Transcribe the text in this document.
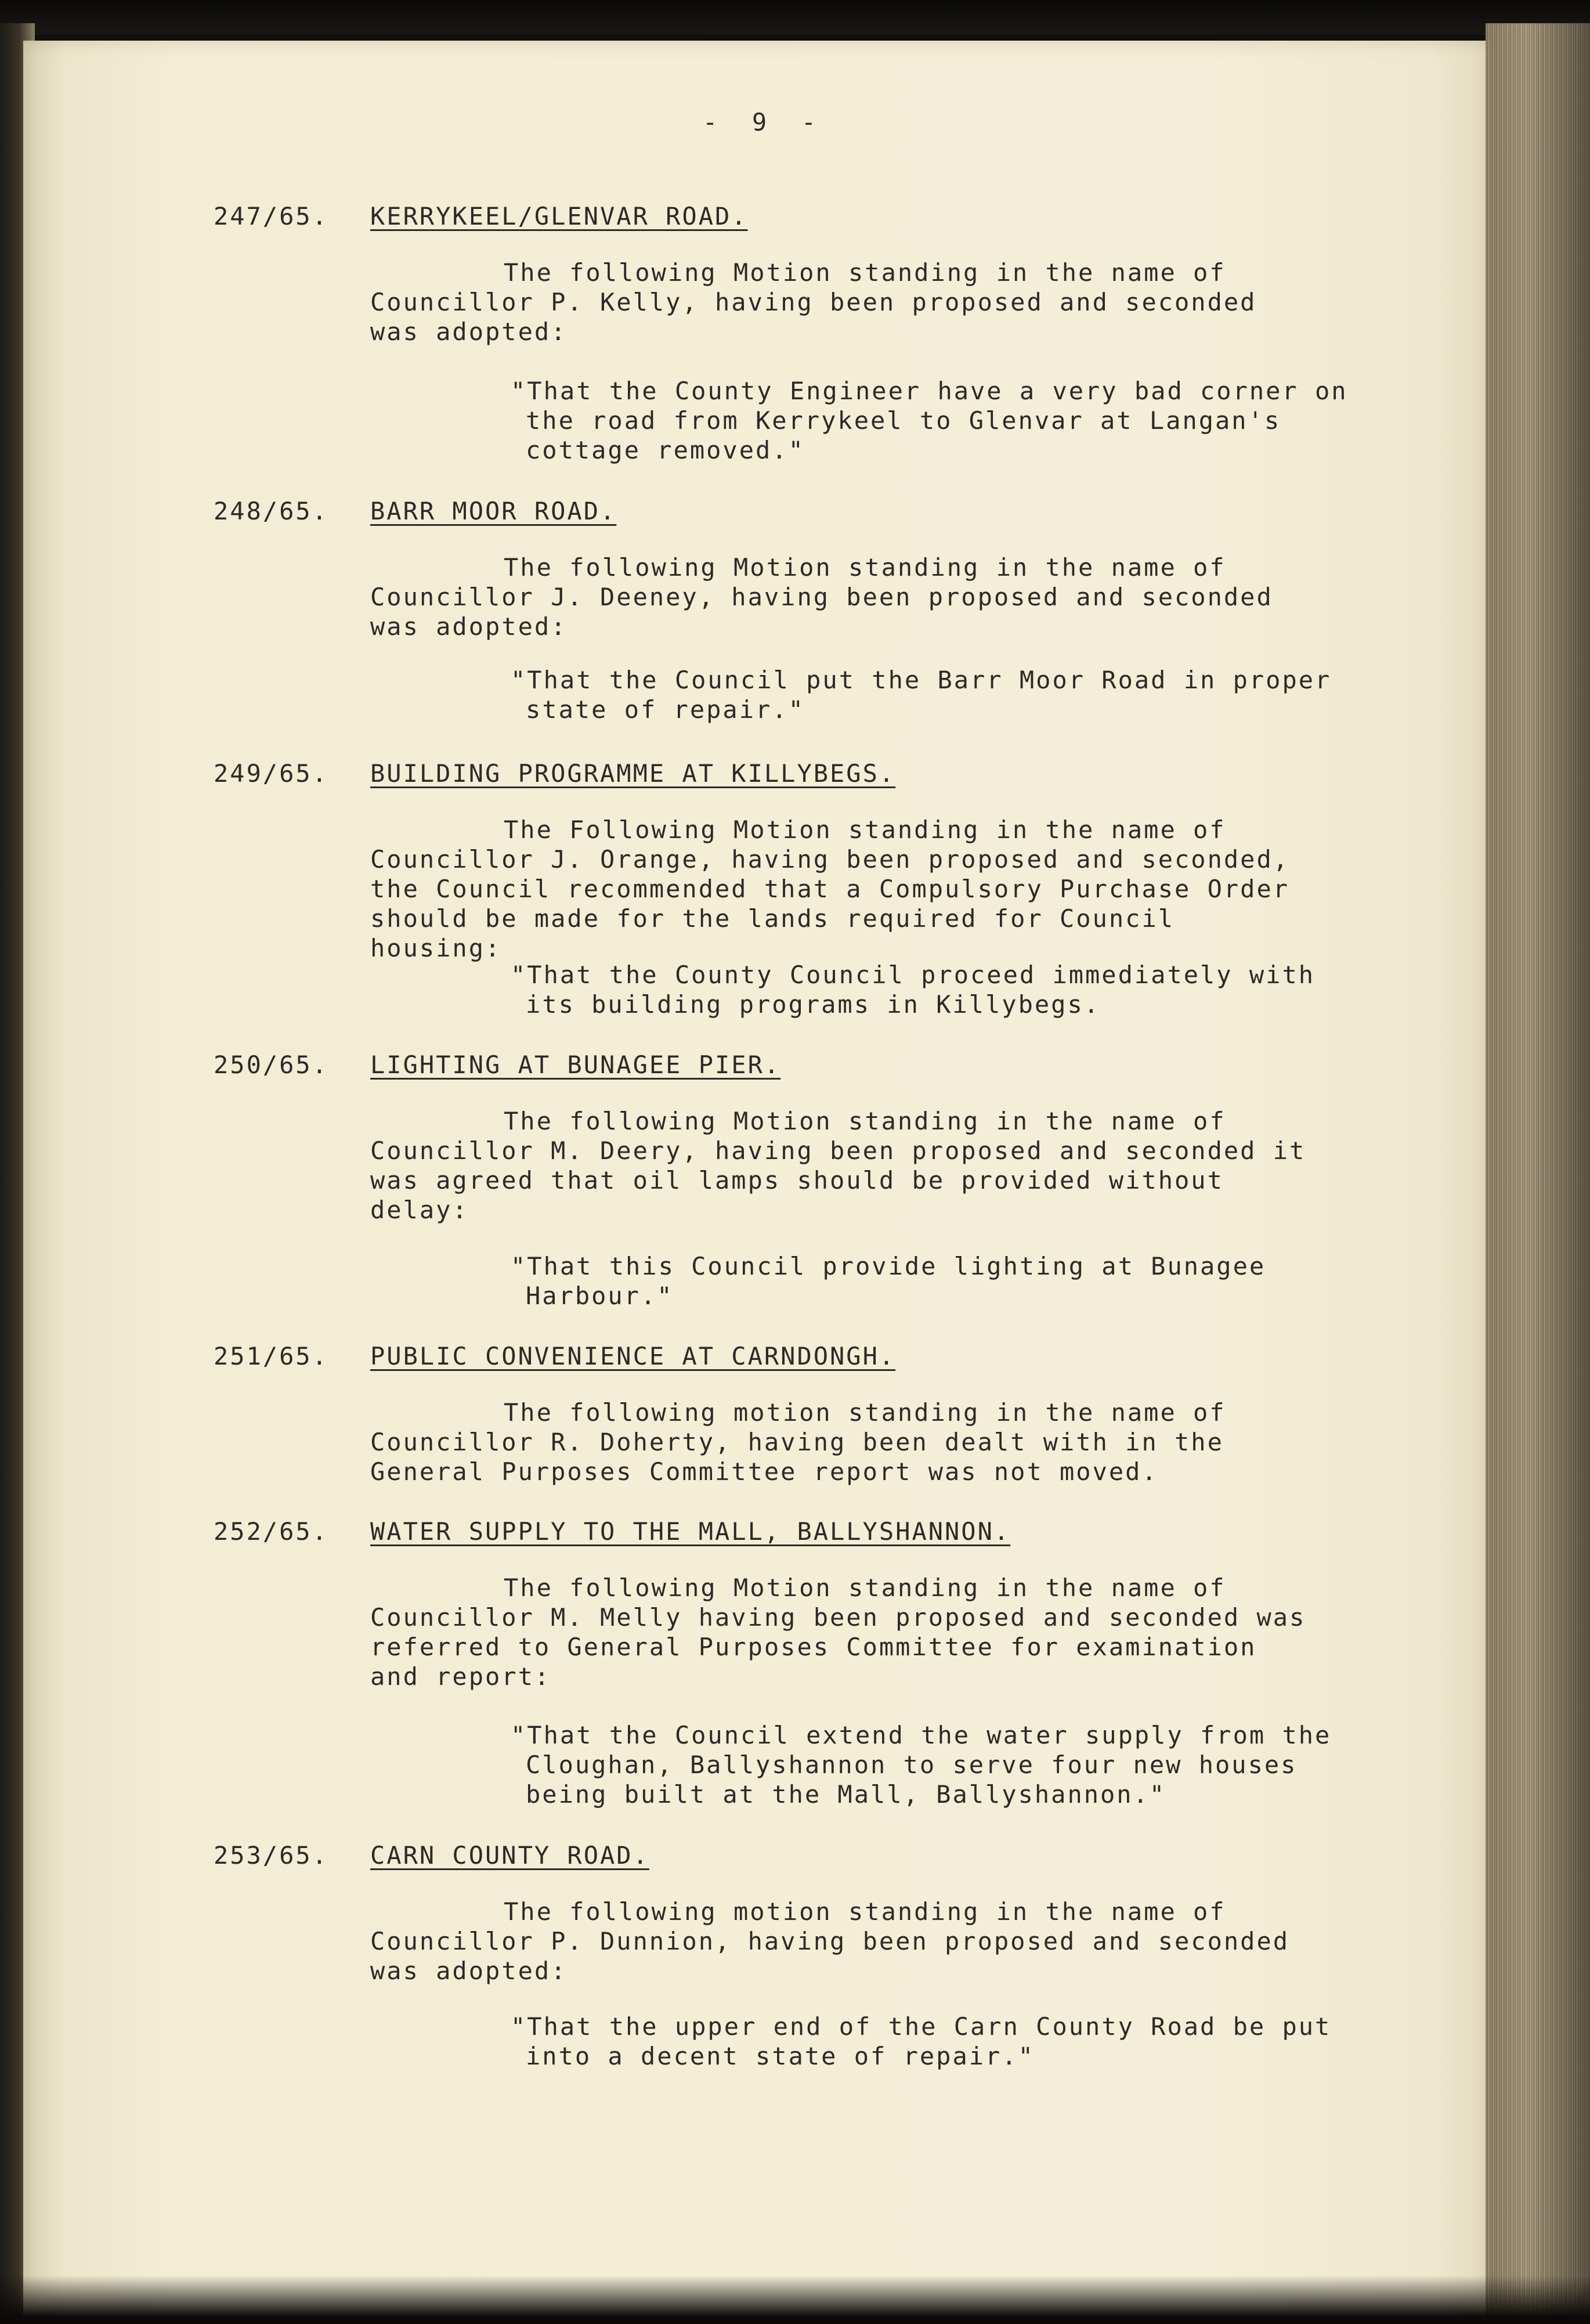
-  9  -
247/65. KERRYKEEL/GLENVAR ROAD.

The following Motion standing in the name of Councillor P. Kelly, having been proposed and seconded was adopted:

"That the County Engineer have a very bad corner on the road from Kerrykeel to Glenvar at Langan's cottage removed."

248/65. BARR MOOR ROAD.

The following Motion standing in the name of Councillor J. Deeney, having been proposed and seconded was adopted:

"That the Council put the Barr Moor Road in proper state of repair."

249/65. BUILDING PROGRAMME AT KILLYBEGS.

The Following Motion standing in the name of Councillor J. Orange, having been proposed and seconded, the Council recommended that a Compulsory Purchase Order should be made for the lands required for Council housing:

"That the County Council proceed immediately with its building programs in Killybegs.

250/65. LIGHTING AT BUNAGEE PIER.

The following Motion standing in the name of Councillor M. Deery, having been proposed and seconded it was agreed that oil lamps should be provided without delay:

"That this Council provide lighting at Bunagee Harbour."

251/65. PUBLIC CONVENIENCE AT CARNDONGH.

The following motion standing in the name of Councillor R. Doherty, having been dealt with in the General Purposes Committee report was not moved.

252/65. WATER SUPPLY TO THE MALL, BALLYSHANNON.

The following Motion standing in the name of Councillor M. Melly having been proposed and seconded was referred to General Purposes Committee for examination and report:

"That the Council extend the water supply from the Cloughan, Ballyshannon to serve four new houses being built at the Mall, Ballyshannon."

253/65. CARN COUNTY ROAD.

The following motion standing in the name of Councillor P. Dunnion, having been proposed and seconded was adopted:

"That the upper end of the Carn County Road be put into a decent state of repair."
